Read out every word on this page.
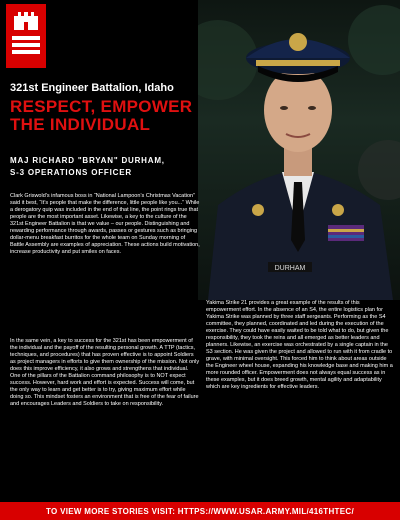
DURHAM
321st Engineer Battalion, Idaho
RESPECT, EMPOWER THE INDIVIDUAL
MAJ RICHARD "BRYAN" DURHAM,
S-3 OPERATIONS OFFICER

Clark Griswold’s infamous boss in “National Lampoon’s Christmas Vacation” said it best, “It’s people that make the difference, little people like you...” While a derogatory quip was included in the end of that line, the point rings true that people are the most important asset. Likewise, a key to the culture of the 321st Engineer Battalion is that we value – our people. Distinguishing and rewarding performance through awards, passes or gestures such as bringing dollar-menu breakfast burritos for the whole team on Sunday morning of Battle Assembly are examples of appreciation. These actions build motivation, increase productivity and put smiles on faces.

In the same vein, a key to success for the 321st has been empowerment of the individual and the payoff of the resulting personal growth. A TTP (tactics, techniques, and procedures) that has proven effective is to appoint Soldiers as project managers in efforts to give them ownership of the mission. Not only does this improve efficiency, it also grows and strengthens that individual. One of the pillars of the Battalion command philosophy is to NOT expect success. However, hard work and effort is expected. Success will come, but the only way to learn and get better is to try, giving maximum effort while doing so. This mindset fosters an environment that is free of the fear of failure and encourages Leaders and Soldiers to take on responsibility.

Yakima Strike 21 provides a great example of the results of this empowerment effort. In the absence of an S4, the entire logistics plan for Yakima Strike was planned by three staff sergeants. Performing as the S4 committee, they planned, coordinated and led during the execution of the exercise. They could have easily waited to be told what to do, but given the responsibility, they took the reins and all emerged as better leaders and planners. Likewise, an exercise was orchestrated by a single captain in the S3 section. He was given the project and allowed to run with it from cradle to grave, with minimal oversight. This forced him to think about areas outside the Engineer wheel house, expanding his knowledge base and making him a more rounded officer. Empowerment does not always equal success as in these examples, but it does breed growth, mental agility and adaptability which are key ingredients for effective leaders.

TO VIEW MORE STORIES VISIT: HTTPS://WWW.USAR.ARMY.MIL/416THTEC/
